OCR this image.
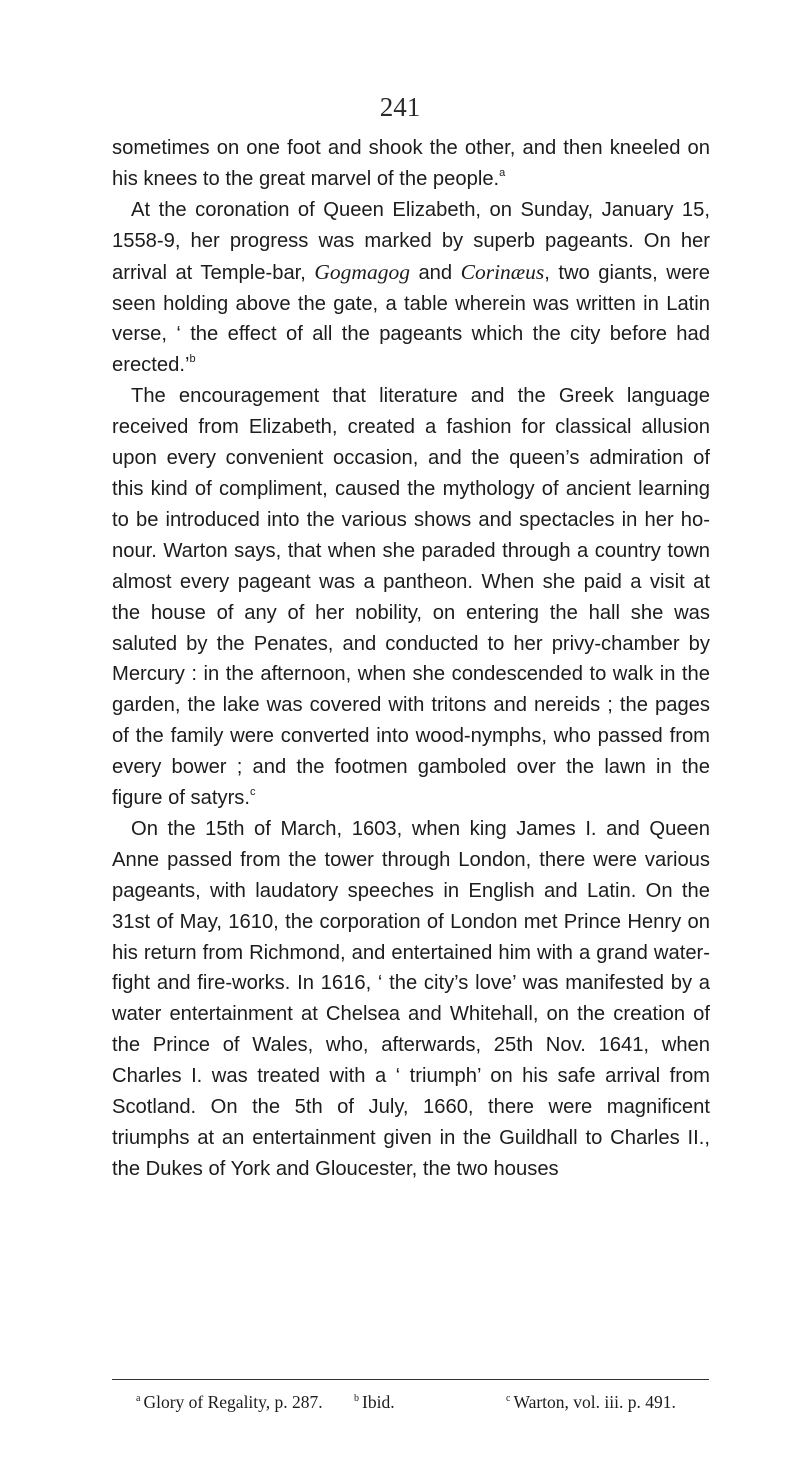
241

sometimes on one foot and shook the other, and then kneeled on his knees to the great marvel of the people.$^a$

At the coronation of Queen Elizabeth, on Sunday, January 15, 1558-9, her progress was marked by superb pageants. On her arrival at Temple-bar, Gogmagog and Corinæus, two giants, were seen holding above the gate, a table wherein was written in Latin verse, ‘ the effect of all the pageants which the city before had erected.’$^b$

The encouragement that literature and the Greek language received from Elizabeth, created a fashion for classical allusion upon every convenient occasion, and the queen’s admiration of this kind of compliment, caused the mythology of ancient learning to be introduced into the various shows and spectacles in her honour. Warton says, that when she paraded through a country town almost every pageant was a pantheon. When she paid a visit at the house of any of her nobility, on entering the hall she was saluted by the Penates, and conducted to her privy-chamber by Mercury : in the afternoon, when she condescended to walk in the garden, the lake was covered with tritons and nereids ; the pages of the family were converted into wood-nymphs, who passed from every bower ; and the footmen gamboled over the lawn in the figure of satyrs.$^c$

On the 15th of March, 1603, when king James I. and Queen Anne passed from the tower through London, there were various pageants, with laudatory speeches in English and Latin. On the 31st of May, 1610, the corporation of London met Prince Henry on his return from Richmond, and entertained him with a grand water-fight and fire-works. In 1616, ‘ the city’s love’ was manifested by a water entertainment at Chelsea and Whitehall, on the creation of the Prince of Wales, who, afterwards, 25th Nov. 1641, when Charles I. was treated with a ‘ triumph’ on his safe arrival from Scotland. On the 5th of July, 1660, there were magnificent triumphs at an entertainment given in the Guildhall to Charles II., the Dukes of York and Gloucester, the two houses

$^a$ Glory of Regality, p. 287.	$^b$ Ibid.	$^c$ Warton, vol. iii. p. 491.
